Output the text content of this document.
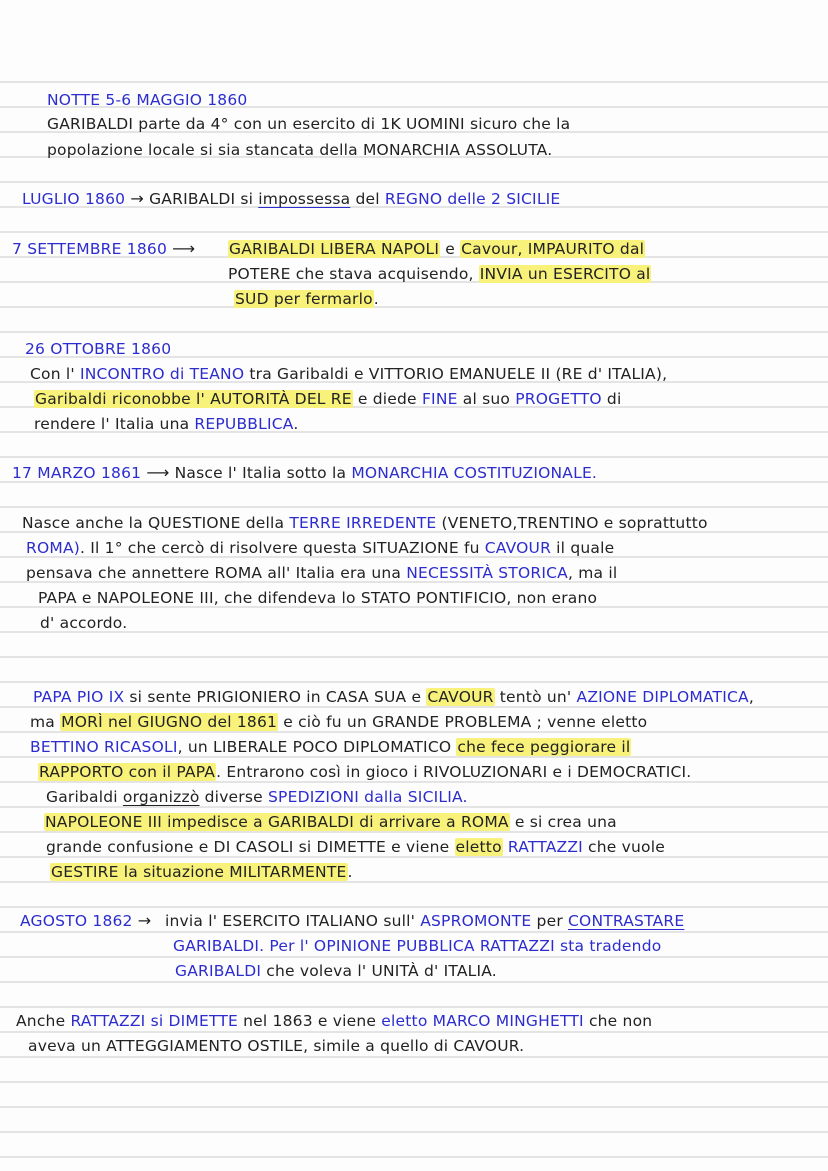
NOTTE 5-6 MAGGIO 1860
GARIBALDI parte da 4° con un esercito di 1K UOMINI sicuro che la
popolazione locale si sia stancata della MONARCHIA ASSOLUTA.
LUGLIO 1860 → GARIBALDI si impossessa del REGNO delle 2 SICILIE
7 SETTEMBRE 1860 ⟶ GARIBALDI LIBERA NAPOLI e Cavour, IMPAURITO dal
POTERE che stava acquisendo, INVIA un ESERCITO al
SUD per fermarlo.
26 OTTOBRE 1860
Con l' INCONTRO di TEANO tra Garibaldi e VITTORIO EMANUELE II (RE d' ITALIA),
Garibaldi riconobbe l' AUTORITÀ DEL RE e diede FINE al suo PROGETTO di
rendere l' Italia una REPUBBLICA.
17 MARZO 1861 ⟶ Nasce l' Italia sotto la MONARCHIA COSTITUZIONALE.
Nasce anche la QUESTIONE della TERRE IRREDENTE (VENETO,TRENTINO e soprattutto
ROMA). Il 1° che cercò di risolvere questa SITUAZIONE fu CAVOUR il quale
pensava che annettere ROMA all' Italia era una NECESSITÀ STORICA, ma il
PAPA e NAPOLEONE III, che difendeva lo STATO PONTIFICIO, non erano
d' accordo.
PAPA PIO IX si sente PRIGIONIERO in CASA SUA e CAVOUR tentò un' AZIONE DIPLOMATICA,
ma MORÌ nel GIUGNO del 1861 e ciò fu un GRANDE PROBLEMA ; venne eletto
BETTINO RICASOLI, un LIBERALE POCO DIPLOMATICO che fece peggiorare il
RAPPORTO con il PAPA. Entrarono così in gioco i RIVOLUZIONARI e i DEMOCRATICI.
Garibaldi organizzò diverse SPEDIZIONI dalla SICILIA.
NAPOLEONE III impedisce a GARIBALDI di arrivare a ROMA e si crea una
grande confusione e DI CASOLI si DIMETTE e viene eletto RATTAZZI che vuole
GESTIRE la situazione MILITARMENTE.
AGOSTO 1862 → invia l' ESERCITO ITALIANO sull' ASPROMONTE per CONTRASTARE
GARIBALDI. Per l' OPINIONE PUBBLICA RATTAZZI sta tradendo
GARIBALDI che voleva l' UNITÀ d' ITALIA.
Anche RATTAZZI si DIMETTE nel 1863 e viene eletto MARCO MINGHETTI che non
aveva un ATTEGGIAMENTO OSTILE, simile a quello di CAVOUR.
